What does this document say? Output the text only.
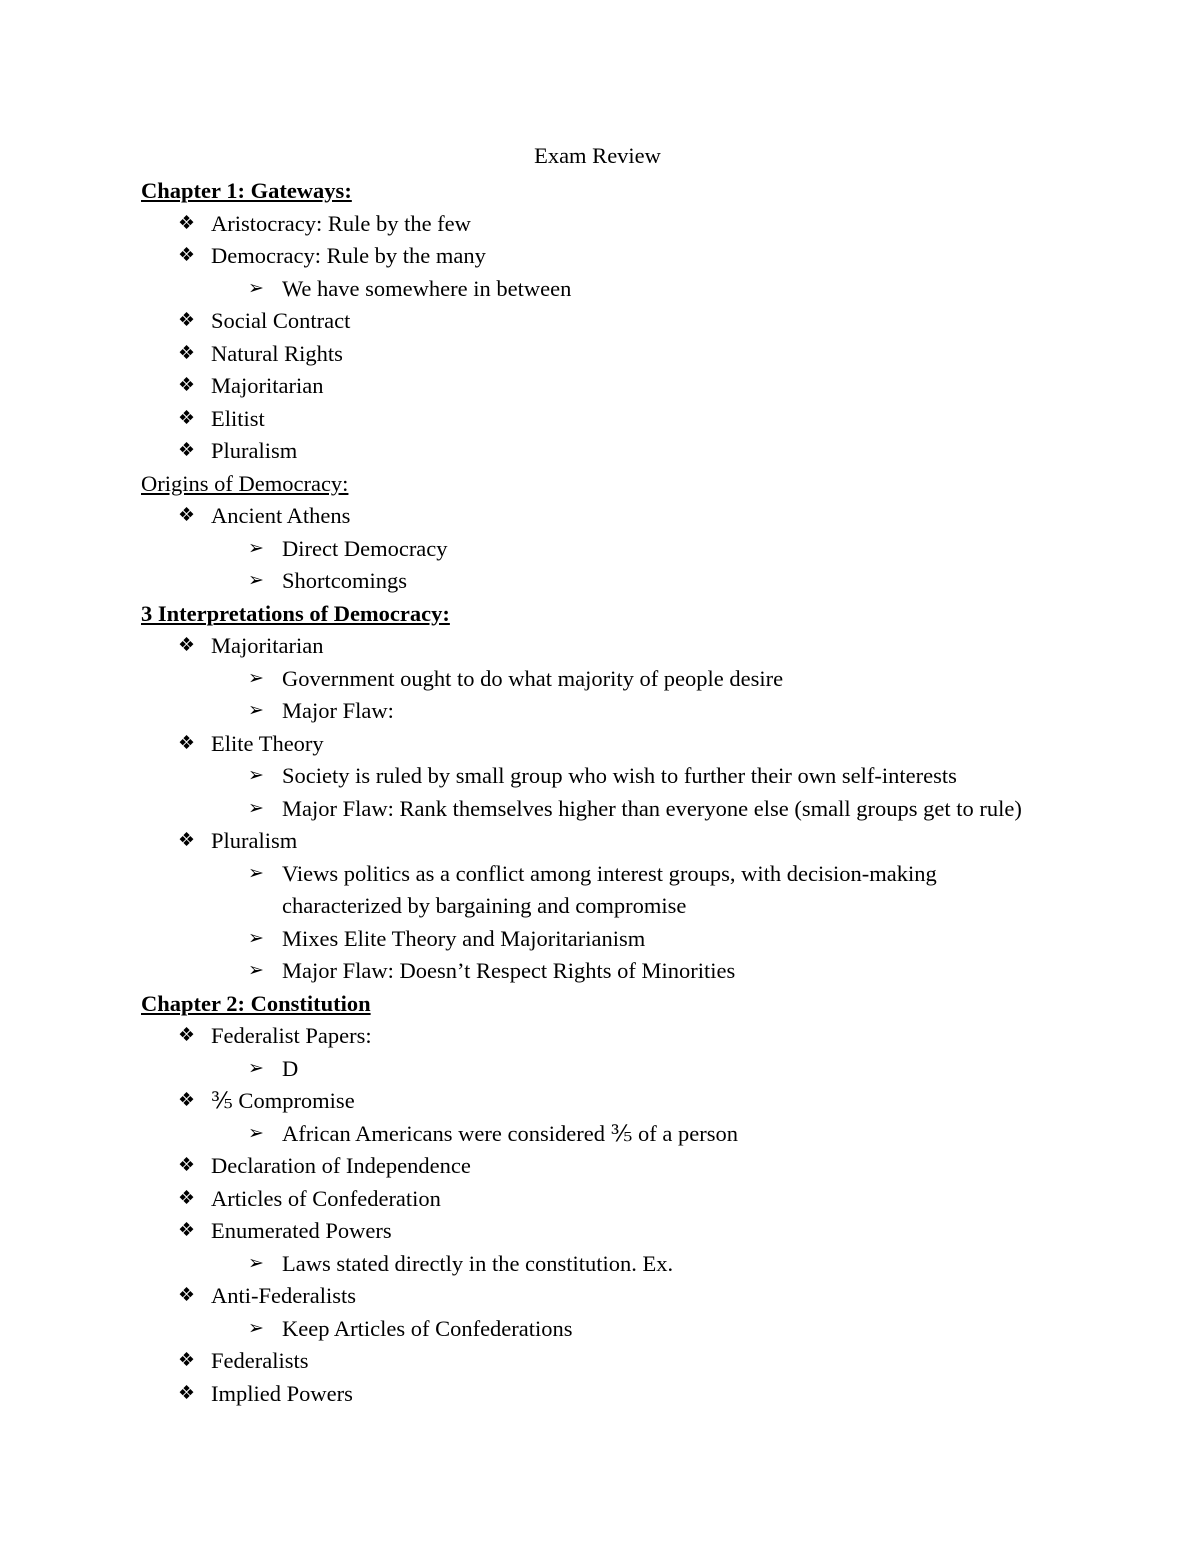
Exam Review
Chapter 1: Gateways:
❖ Aristocracy: Rule by the few
❖ Democracy: Rule by the many
➢ We have somewhere in between
❖ Social Contract
❖ Natural Rights
❖ Majoritarian
❖ Elitist
❖ Pluralism
Origins of Democracy:
❖ Ancient Athens
➢ Direct Democracy
➢ Shortcomings
3 Interpretations of Democracy:
❖ Majoritarian
➢ Government ought to do what majority of people desire
➢ Major Flaw:
❖ Elite Theory
➢ Society is ruled by small group who wish to further their own self-interests
➢ Major Flaw: Rank themselves higher than everyone else (small groups get to rule)
❖ Pluralism
➢ Views politics as a conflict among interest groups, with decision-making characterized by bargaining and compromise
➢ Mixes Elite Theory and Majoritarianism
➢ Major Flaw: Doesn’t Respect Rights of Minorities
Chapter 2: Constitution
❖ Federalist Papers:
➢ D
❖ ⅗ Compromise
➢ African Americans were considered ⅗ of a person
❖ Declaration of Independence
❖ Articles of Confederation
❖ Enumerated Powers
➢ Laws stated directly in the constitution. Ex.
❖ Anti-Federalists
➢ Keep Articles of Confederations
❖ Federalists
❖ Implied Powers
